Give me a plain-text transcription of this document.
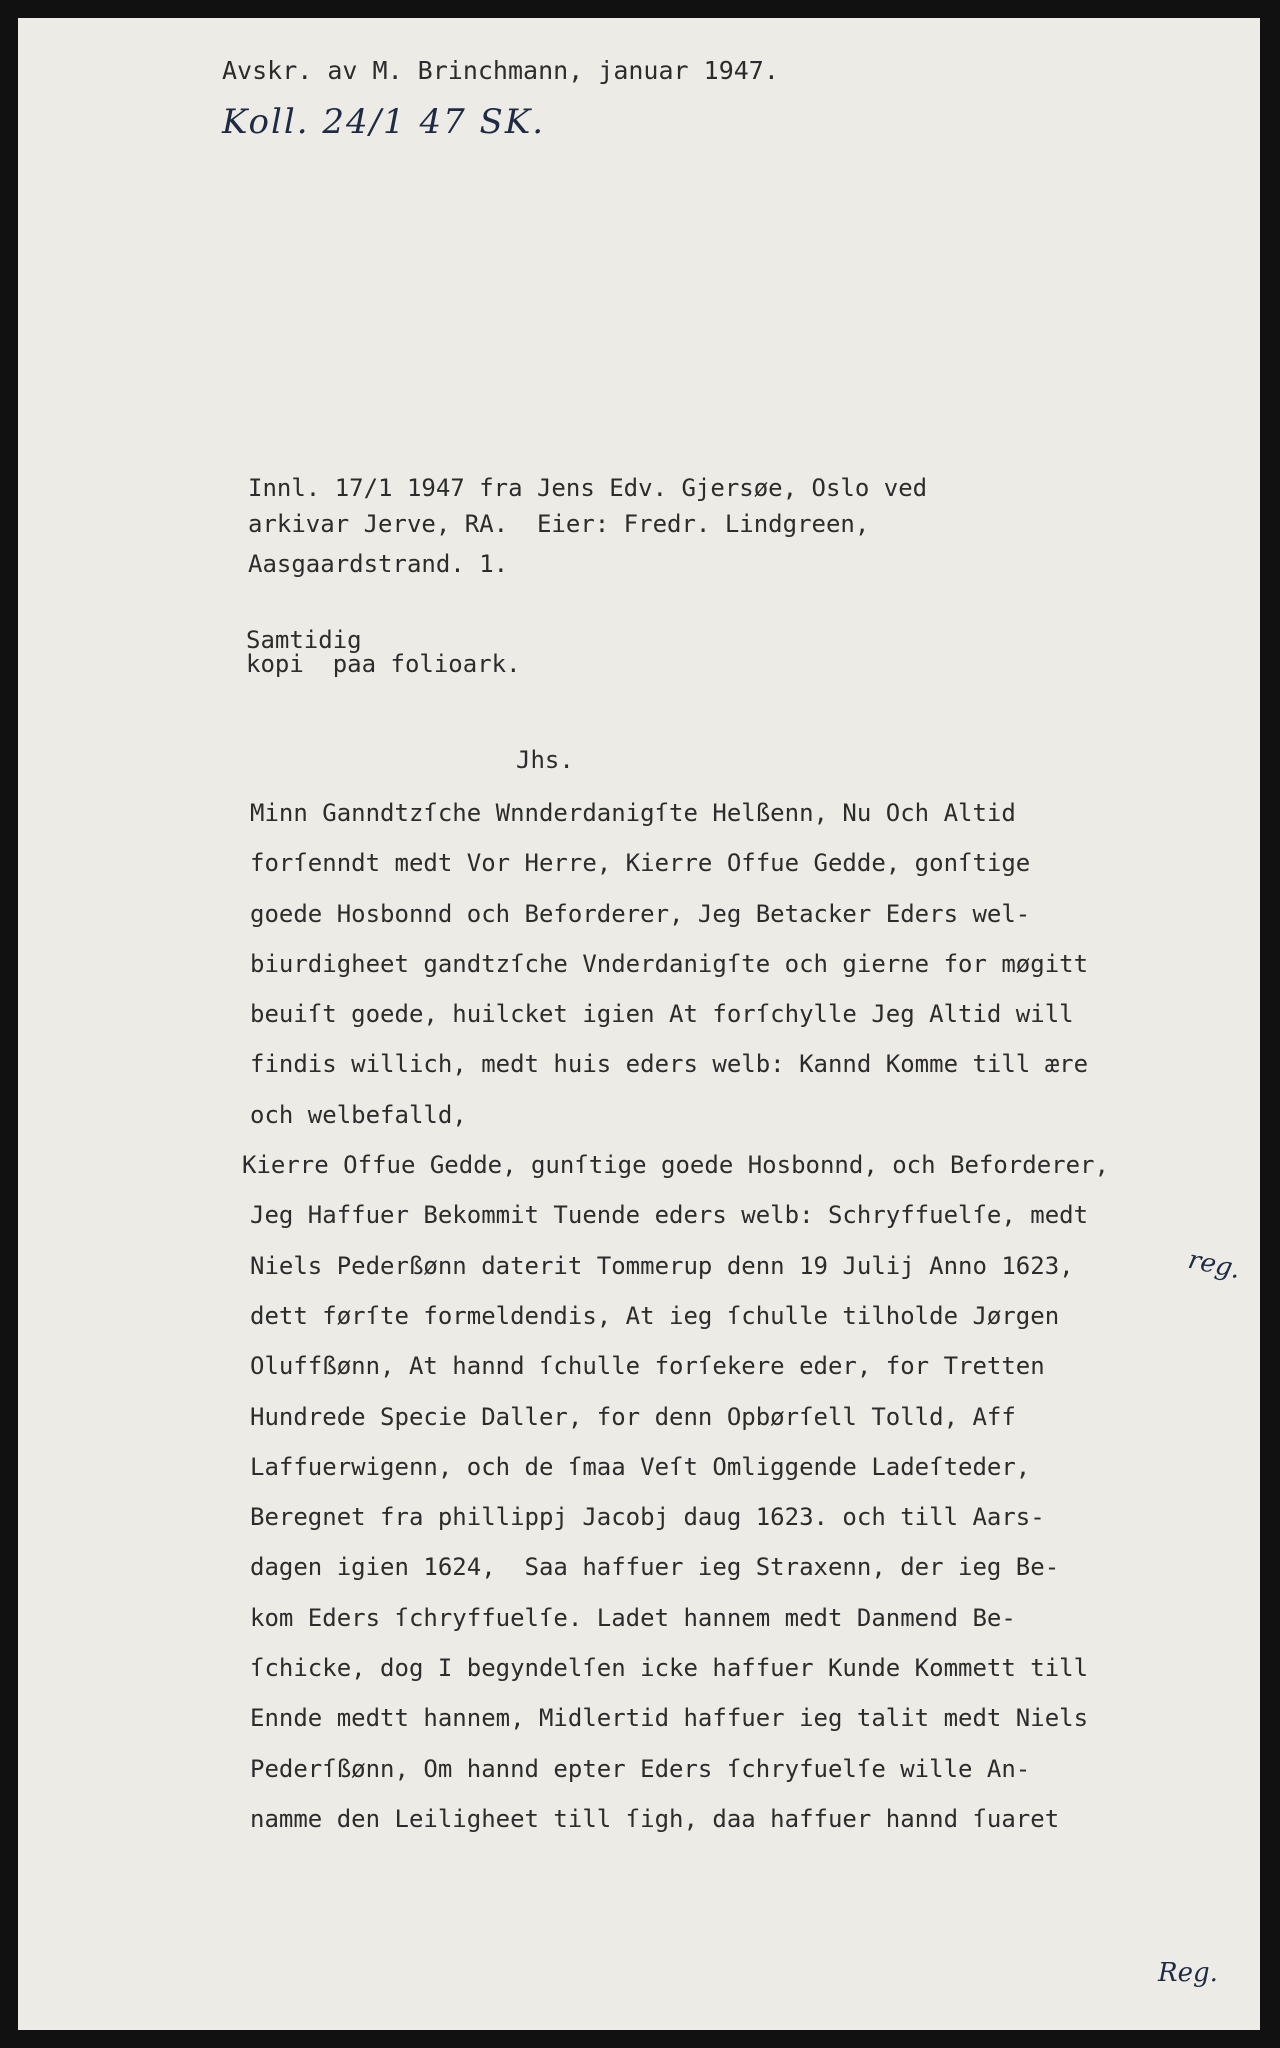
Avskr. av M. Brinchmann, januar 1947.
Koll. 24/1 47 SK.
Innl. 17/1 1947 fra Jens Edv. Gjersøe, Oslo ved
arkivar Jerve, RA.  Eier: Fredr. Lindgreen,
Aasgaardstrand. 1.
Samtidig
kopi  paa folioark.
Jhs.
Minn Ganndtzſche Wnnderdanigſte Helßenn, Nu Och Altid
forſenndt medt Vor Herre, Kierre Offue Gedde, gonſtige
goede Hosbonnd och Beforderer, Jeg Betacker Eders wel-
biurdigheet gandtzſche Vnderdanigſte och gierne for møgitt
beuiſt goede, huilcket igien At forſchylle Jeg Altid will
findis willich, medt huis eders welb: Kannd Komme till ære
och welbefalld,
Kierre Offue Gedde, gunſtige goede Hosbonnd, och Beforderer,
Jeg Haffuer Bekommit Tuende eders welb: Schryffuelſe, medt
Niels Pederßønn daterit Tommerup denn 19 Julij Anno 1623,
dett førſte formeldendis, At ieg ſchulle tilholde Jørgen
Oluffßønn, At hannd ſchulle forſekere eder, for Tretten
Hundrede Specie Daller, for denn Opbørſell Tolld, Aff
Laffuerwigenn, och de ſmaa Veſt Omliggende Ladeſteder,
Beregnet fra phillippj Jacobj daug 1623. och till Aars-
dagen igien 1624,  Saa haffuer ieg Straxenn, der ieg Be-
kom Eders ſchryffuelſe. Ladet hannem medt Danmend Be-
ſchicke, dog I begyndelſen icke haffuer Kunde Kommett till
Ennde medtt hannem, Midlertid haffuer ieg talit medt Niels
Pederſßønn, Om hannd epter Eders ſchryfuelſe wille An-
namme den Leiligheet till ſigh, daa haffuer hannd ſuaret
reg.
Reg.
